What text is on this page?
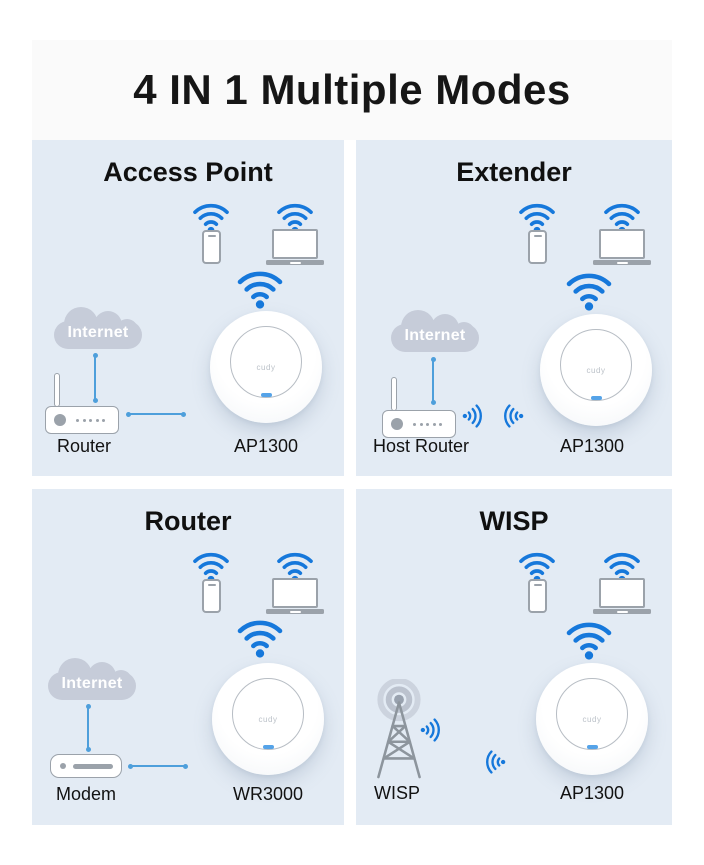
4 IN 1 Multiple Modes
Access Point
Internet
cudy
Router	AP1300
Extender
Internet
cudy
Host Router	AP1300
Router
Internet
cudy
Modem	WR3000
WISP
cudy
WISP	AP1300
